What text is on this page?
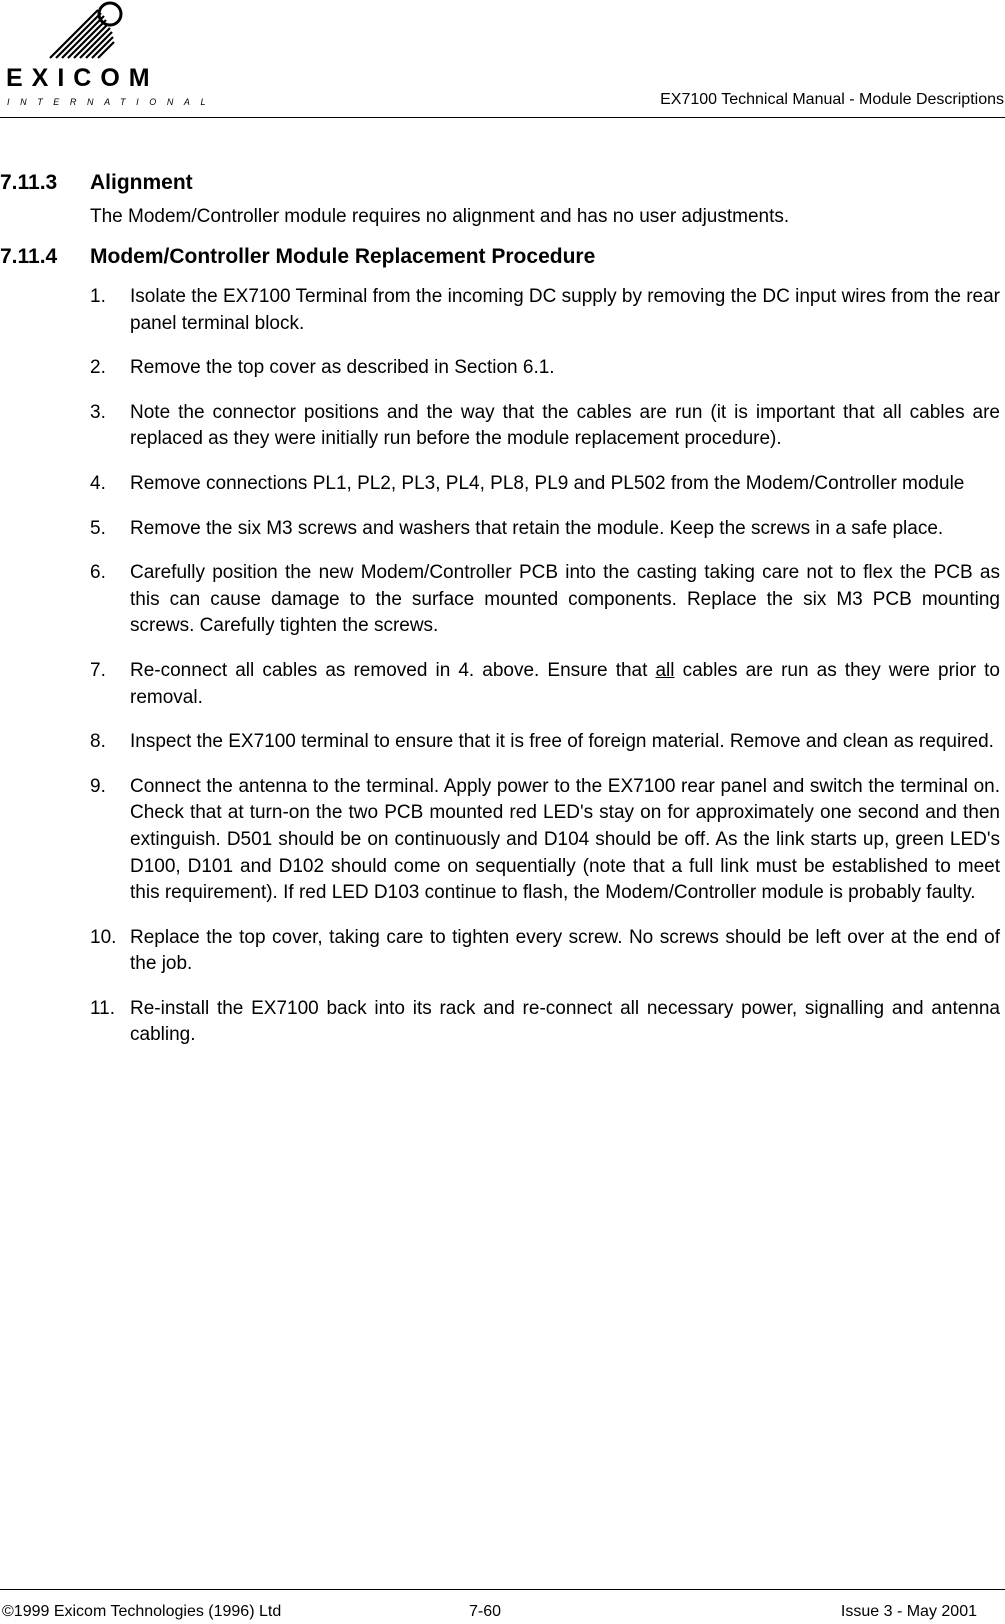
EXICOM
INTERNATIONAL	EX7100 Technical Manual - Module Descriptions
7.11.3	Alignment

The Modem/Controller module requires no alignment and has no user adjustments.

7.11.4	Modem/Controller Module Replacement Procedure
1.	Isolate the EX7100 Terminal from the incoming DC supply by removing the DC input wires from the rear panel terminal block.
2.	Remove the top cover as described in Section 6.1.
3.	Note the connector positions and the way that the cables are run (it is important that all cables are replaced as they were initially run before the module replacement procedure).
4.	Remove connections PL1, PL2, PL3, PL4, PL8, PL9 and PL502 from the Modem/Controller module
5.	Remove the six M3 screws and washers that retain the module. Keep the screws in a safe place.
6.	Carefully position the new Modem/Controller PCB into the casting taking care not to flex the PCB as this can cause damage to the surface mounted components. Replace the six M3 PCB mounting screws. Carefully tighten the screws.
7.	Re-connect all cables as removed in 4. above. Ensure that all cables are run as they were prior to removal.
8.	Inspect the EX7100 terminal to ensure that it is free of foreign material. Remove and clean as required.
9.	Connect the antenna to the terminal. Apply power to the EX7100 rear panel and switch the terminal on. Check that at turn-on the two PCB mounted red LED's stay on for approximately one second and then extinguish. D501 should be on continuously and D104 should be off. As the link starts up, green LED's D100, D101 and D102 should come on sequentially (note that a full link must be established to meet this requirement). If red LED D103 continue to flash, the Modem/Controller module is probably faulty.
10. Replace the top cover, taking care to tighten every screw. No screws should be left over at the end of the job.
11. Re-install the EX7100 back into its rack and re-connect all necessary power, signalling and antenna cabling.
©1999 Exicom Technologies (1996) Ltd	7-60	Issue 3 - May 2001
